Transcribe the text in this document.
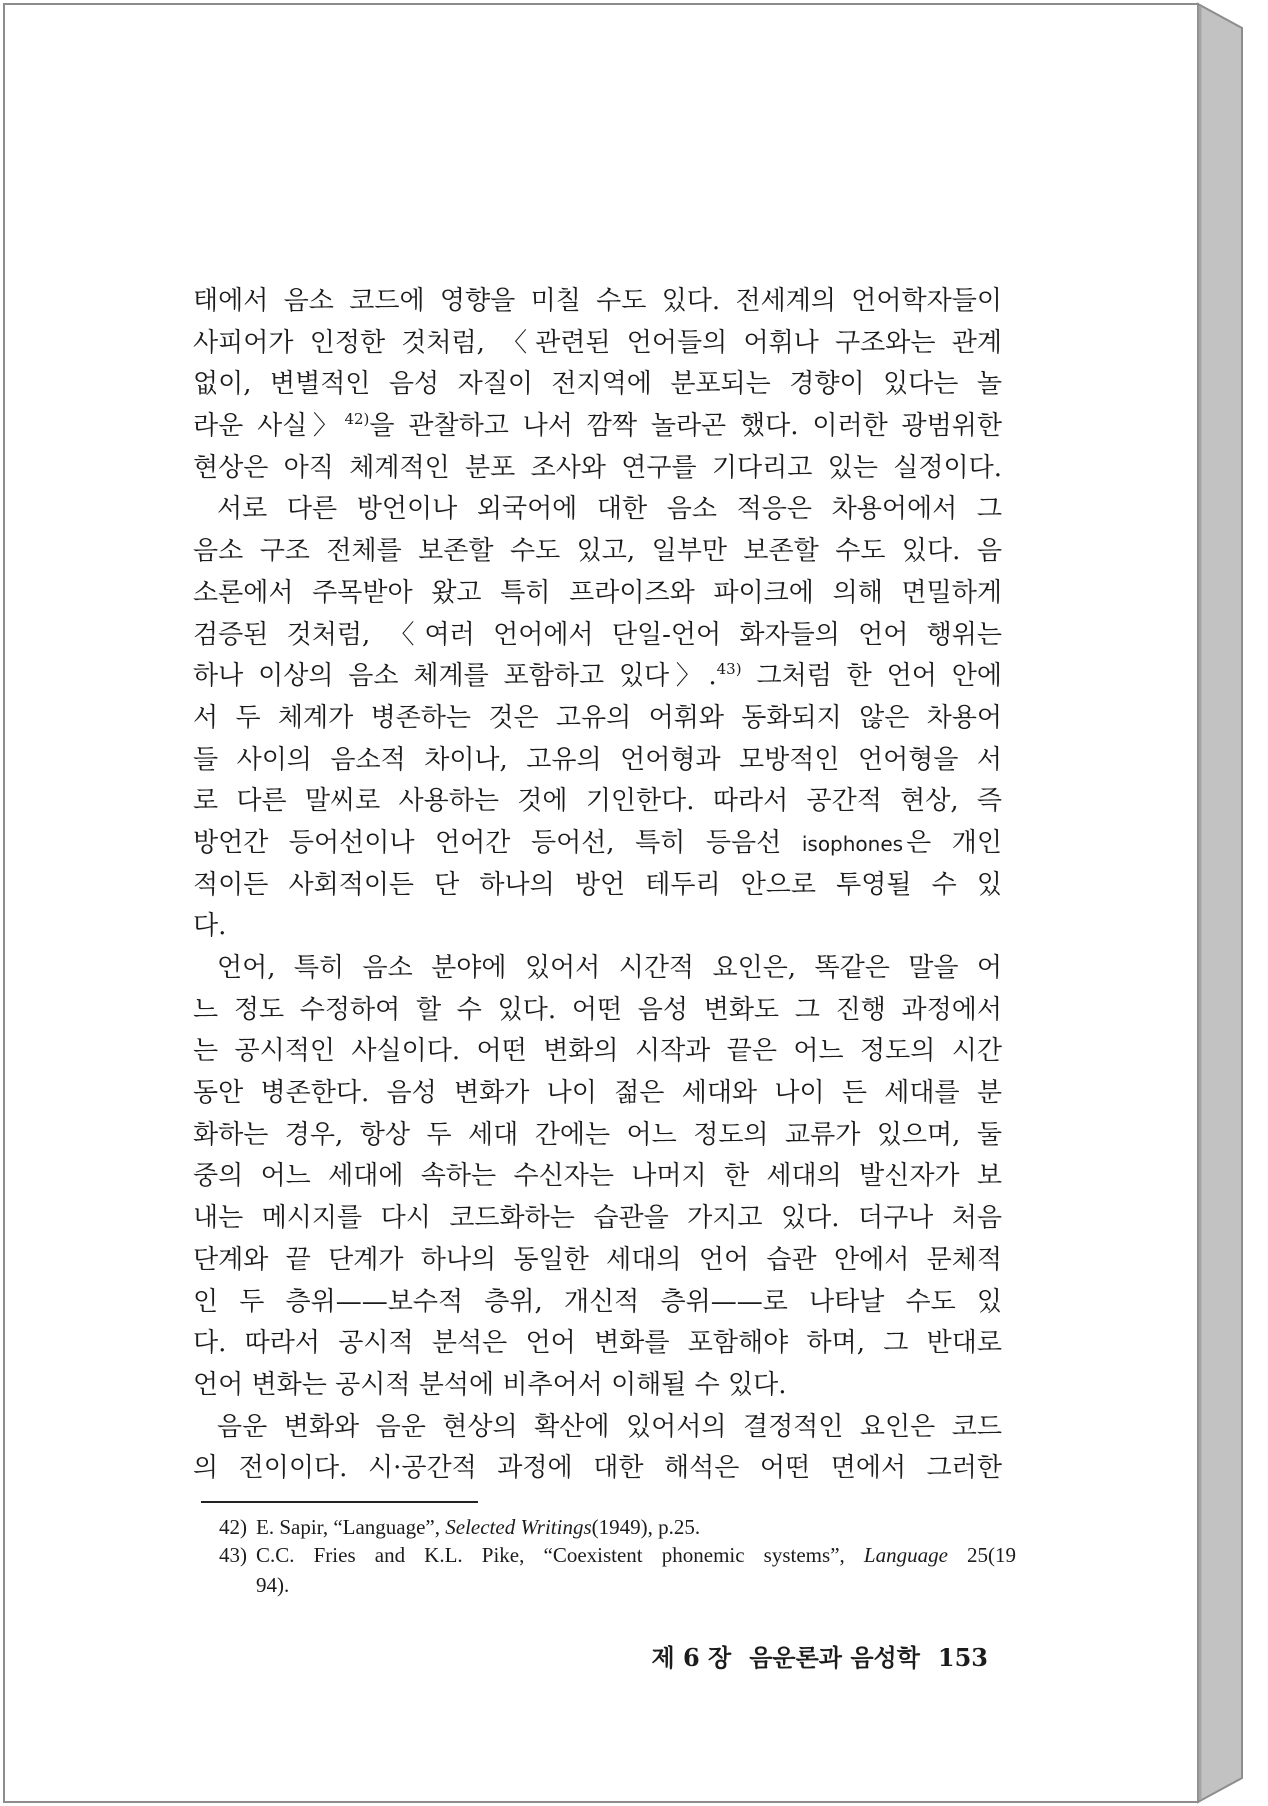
태에서 음소 코드에 영향을 미칠 수도 있다. 전세계의 언어학자들이
사피어가 인정한 것처럼, 〈관련된 언어들의 어휘나 구조와는 관계
없이, 변별적인 음성 자질이 전지역에 분포되는 경향이 있다는 놀
라운 사실〉$^{42)}$을 관찰하고 나서 깜짝 놀라곤 했다. 이러한 광범위한
현상은 아직 체계적인 분포 조사와 연구를 기다리고 있는 실정이다.
서로 다른 방언이나 외국어에 대한 음소 적응은 차용어에서 그
음소 구조 전체를 보존할 수도 있고, 일부만 보존할 수도 있다. 음
소론에서 주목받아 왔고 특히 프라이즈와 파이크에 의해 면밀하게
검증된 것처럼, 〈여러 언어에서 단일-언어 화자들의 언어 행위는
하나 이상의 음소 체계를 포함하고 있다〉.$^{43)}$ 그처럼 한 언어 안에
서 두 체계가 병존하는 것은 고유의 어휘와 동화되지 않은 차용어
들 사이의 음소적 차이나, 고유의 언어형과 모방적인 언어형을 서
로 다른 말씨로 사용하는 것에 기인한다. 따라서 공간적 현상, 즉
방언간 등어선이나 언어간 등어선, 특히 등음선 isophones 은 개인
적이든 사회적이든 단 하나의 방언 테두리 안으로 투영될 수 있
다.
언어, 특히 음소 분야에 있어서 시간적 요인은, 똑같은 말을 어
느 정도 수정하여 할 수 있다. 어떤 음성 변화도 그 진행 과정에서
는 공시적인 사실이다. 어떤 변화의 시작과 끝은 어느 정도의 시간
동안 병존한다. 음성 변화가 나이 젊은 세대와 나이 든 세대를 분
화하는 경우, 항상 두 세대 간에는 어느 정도의 교류가 있으며, 둘
중의 어느 세대에 속하는 수신자는 나머지 한 세대의 발신자가 보
내는 메시지를 다시 코드화하는 습관을 가지고 있다. 더구나 처음
단계와 끝 단계가 하나의 동일한 세대의 언어 습관 안에서 문체적
인 두 층위——보수적 층위, 개신적 층위——로 나타날 수도 있
다. 따라서 공시적 분석은 언어 변화를 포함해야 하며, 그 반대로
언어 변화는 공시적 분석에 비추어서 이해될 수 있다.
음운 변화와 음운 현상의 확산에 있어서의 결정적인 요인은 코드
의 전이이다. 시·공간적 과정에 대한 해석은 어떤 면에서 그러한
42) E. Sapir, “Language”, Selected Writings(1949), p.25.
43) C.C. Fries and K.L. Pike, “Coexistent phonemic systems”, Language 25(19
94).
제 6 장 음운론과 음성학 153
